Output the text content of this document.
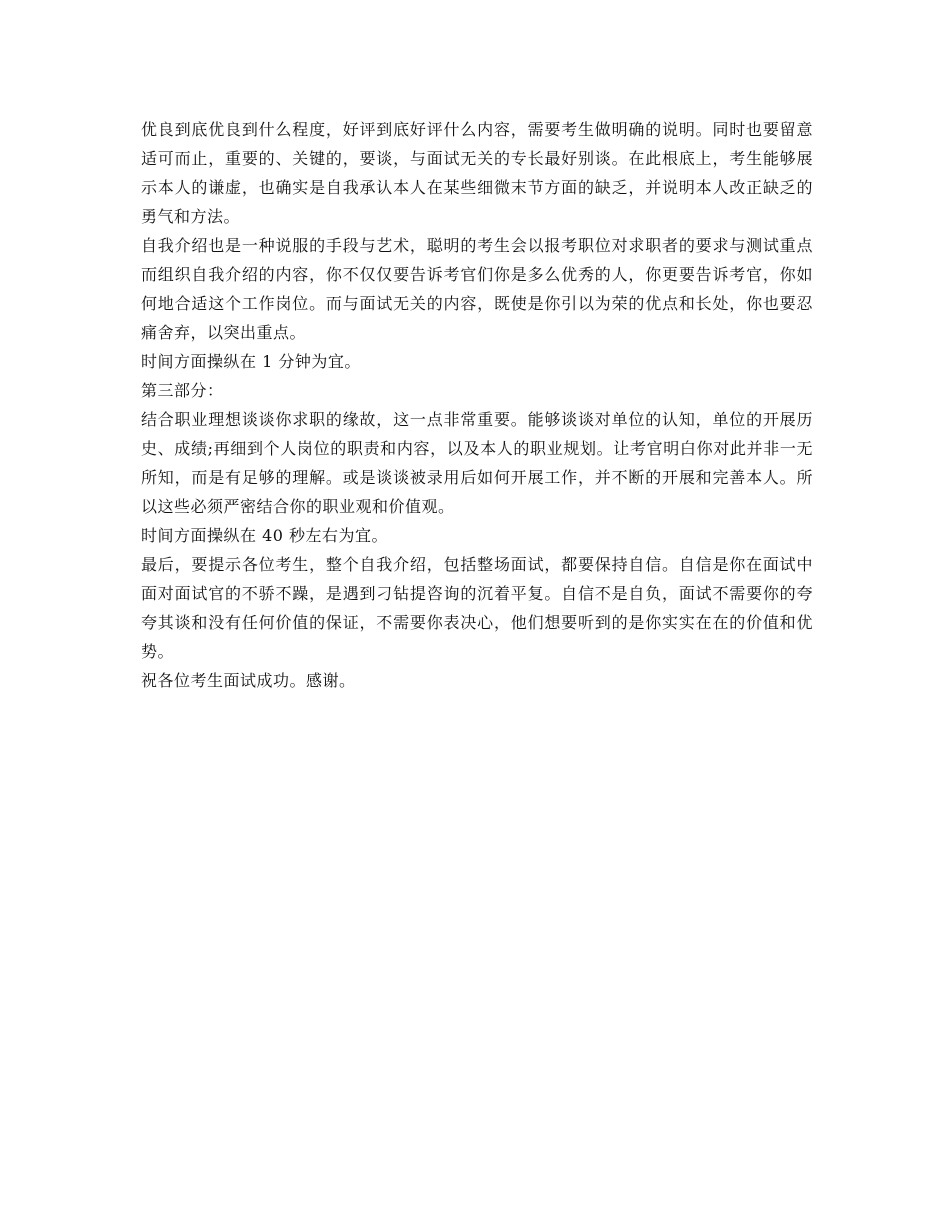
优良到底优良到什么程度，好评到底好评什么内容，需要考生做明确的说明。同时也要留意适可而止，重要的、关键的，要谈，与面试无关的专长最好别谈。在此根底上，考生能够展示本人的谦虚，也确实是自我承认本人在某些细微末节方面的缺乏，并说明本人改正缺乏的勇气和方法。

自我介绍也是一种说服的手段与艺术，聪明的考生会以报考职位对求职者的要求与测试重点而组织自我介绍的内容，你不仅仅要告诉考官们你是多么优秀的人，你更要告诉考官，你如何地合适这个工作岗位。而与面试无关的内容，既使是你引以为荣的优点和长处，你也要忍痛舍弃，以突出重点。

时间方面操纵在 1 分钟为宜。

第三部分：

结合职业理想谈谈你求职的缘故，这一点非常重要。能够谈谈对单位的认知，单位的开展历史、成绩;再细到个人岗位的职责和内容，以及本人的职业规划。让考官明白你对此并非一无所知，而是有足够的理解。或是谈谈被录用后如何开展工作，并不断的开展和完善本人。所以这些必须严密结合你的职业观和价值观。

时间方面操纵在 40 秒左右为宜。

最后，要提示各位考生，整个自我介绍，包括整场面试，都要保持自信。自信是你在面试中面对面试官的不骄不躁，是遇到刁钻提咨询的沉着平复。自信不是自负，面试不需要你的夸夸其谈和没有任何价值的保证，不需要你表决心，他们想要听到的是你实实在在的价值和优势。

祝各位考生面试成功。感谢。
